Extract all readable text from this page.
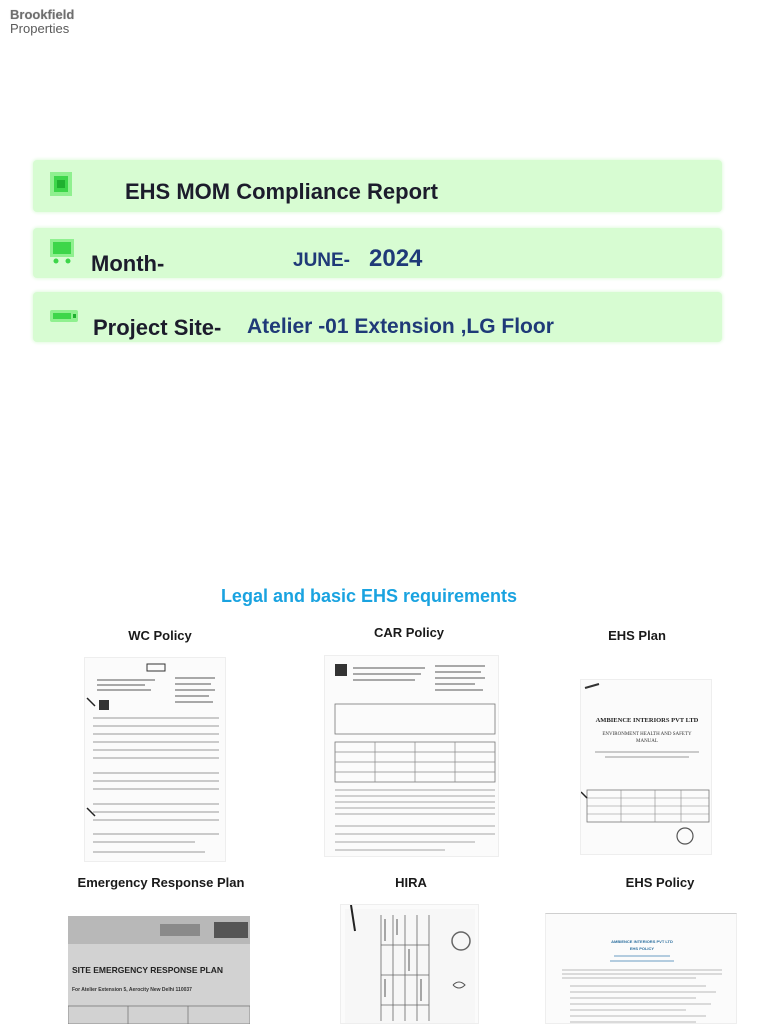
Brookfield
Properties
EHS MOM Compliance Report
Month-	JUNE- 2024
Project Site- Atelier -01 Extension ,LG Floor
Legal and basic EHS requirements
WC Policy	CAR Policy	EHS Plan
Emergency Response Plan	HIRA	EHS Policy
AMBIENCE INTERIORS PVT LTD
ENVIRONMENT HEALTH AND SAFETY
MANUAL
SITE EMERGENCY RESPONSE PLAN
For Atelier Extension 5, Aerocity New Delhi 110037
AMBIENCE INTERIORS PVT LTD
EHS POLICY
